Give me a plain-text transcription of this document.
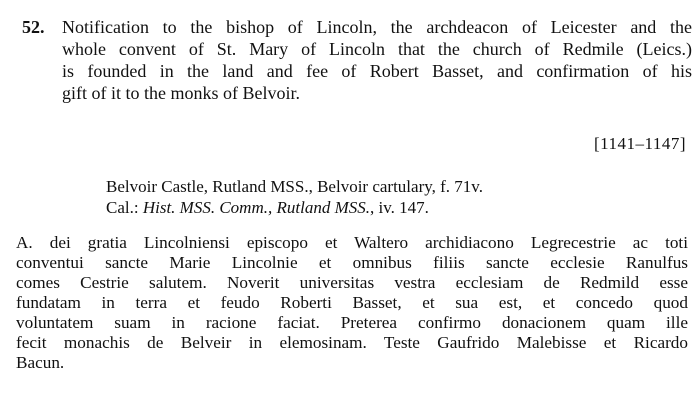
52. Notification to the bishop of Lincoln, the archdeacon of Leicester and the
whole convent of St. Mary of Lincoln that the church of Redmile (Leics.)
is founded in the land and fee of Robert Basset, and confirmation of his
gift of it to the monks of Belvoir.
[1141–1147]
Belvoir Castle, Rutland MSS., Belvoir cartulary, f. 71v.
Cal.: Hist. MSS. Comm., Rutland MSS., iv. 147.
A. dei gratia Lincolniensi episcopo et Waltero archidiacono Legrecestrie ac toti
conventui sancte Marie Lincolnie et omnibus filiis sancte ecclesie Ranulfus
comes Cestrie salutem. Noverit universitas vestra ecclesiam de Redmild esse
fundatam in terra et feudo Roberti Basset, et sua est, et concedo quod
voluntatem suam in racione faciat. Preterea confirmo donacionem quam ille
fecit monachis de Belveir in elemosinam. Teste Gaufrido Malebisse et Ricardo
Bacun.
